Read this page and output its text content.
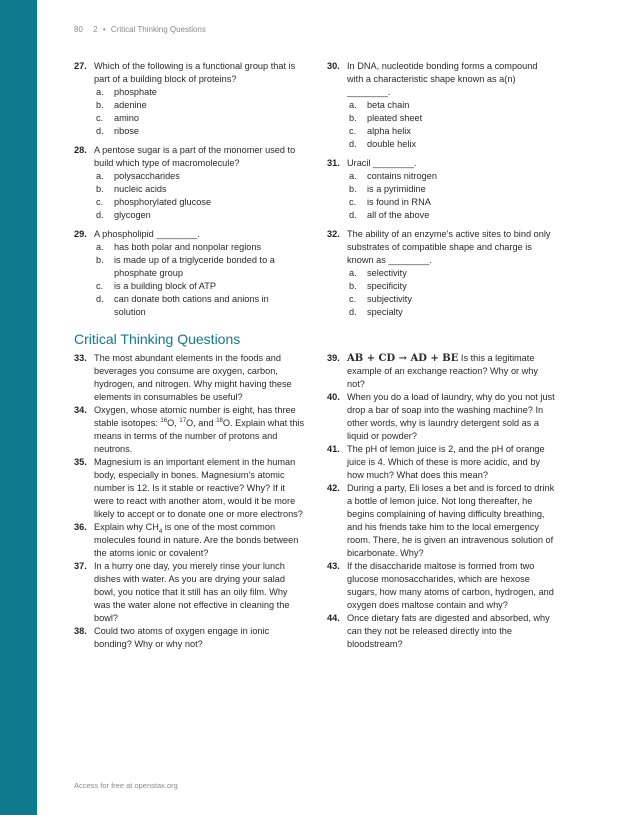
80 2 • Critical Thinking Questions
27. Which of the following is a functional group that is part of a building block of proteins?
a.	phosphate
b.	adenine
c.	amino
d.	ribose
28. A pentose sugar is a part of the monomer used to build which type of macromolecule?
a.	polysaccharides
b.	nucleic acids
c.	phosphorylated glucose
d.	glycogen
29. A phospholipid ________.
a.	has both polar and nonpolar regions
b.	is made up of a triglyceride bonded to a phosphate group
c.	is a building block of ATP
d.	can donate both cations and anions in solution
30. In DNA, nucleotide bonding forms a compound with a characteristic shape known as a(n) ________.
a.	beta chain
b.	pleated sheet
c.	alpha helix
d.	double helix
31. Uracil ________.
a.	contains nitrogen
b.	is a pyrimidine
c.	is found in RNA
d.	all of the above
32. The ability of an enzyme's active sites to bind only substrates of compatible shape and charge is known as ________.
a.	selectivity
b.	specificity
c.	subjectivity
d.	specialty
Critical Thinking Questions
33. The most abundant elements in the foods and beverages you consume are oxygen, carbon, hydrogen, and nitrogen. Why might having these elements in consumables be useful?
34. Oxygen, whose atomic number is eight, has three stable isotopes: $^{16}$O, $^{17}$O, and $^{18}$O. Explain what this means in terms of the number of protons and neutrons.
35. Magnesium is an important element in the human body, especially in bones. Magnesium's atomic number is 12. Is it stable or reactive? Why? If it were to react with another atom, would it be more likely to accept or to donate one or more electrons?
36. Explain why $CH_4$ is one of the most common molecules found in nature. Are the bonds between the atoms ionic or covalent?
37. In a hurry one day, you merely rinse your lunch dishes with water. As you are drying your salad bowl, you notice that it still has an oily film. Why was the water alone not effective in cleaning the bowl?
38. Could two atoms of oxygen engage in ionic bonding? Why or why not?
39. AB + CD → AD + BE Is this a legitimate example of an exchange reaction? Why or why not?
40. When you do a load of laundry, why do you not just drop a bar of soap into the washing machine? In other words, why is laundry detergent sold as a liquid or powder?
41. The pH of lemon juice is 2, and the pH of orange juice is 4. Which of these is more acidic, and by how much? What does this mean?
42. During a party, Eli loses a bet and is forced to drink a bottle of lemon juice. Not long thereafter, he begins complaining of having difficulty breathing, and his friends take him to the local emergency room. There, he is given an intravenous solution of bicarbonate. Why?
43. If the disaccharide maltose is formed from two glucose monosaccharides, which are hexose sugars, how many atoms of carbon, hydrogen, and oxygen does maltose contain and why?
44. Once dietary fats are digested and absorbed, why can they not be released directly into the bloodstream?
Access for free at openstax.org
